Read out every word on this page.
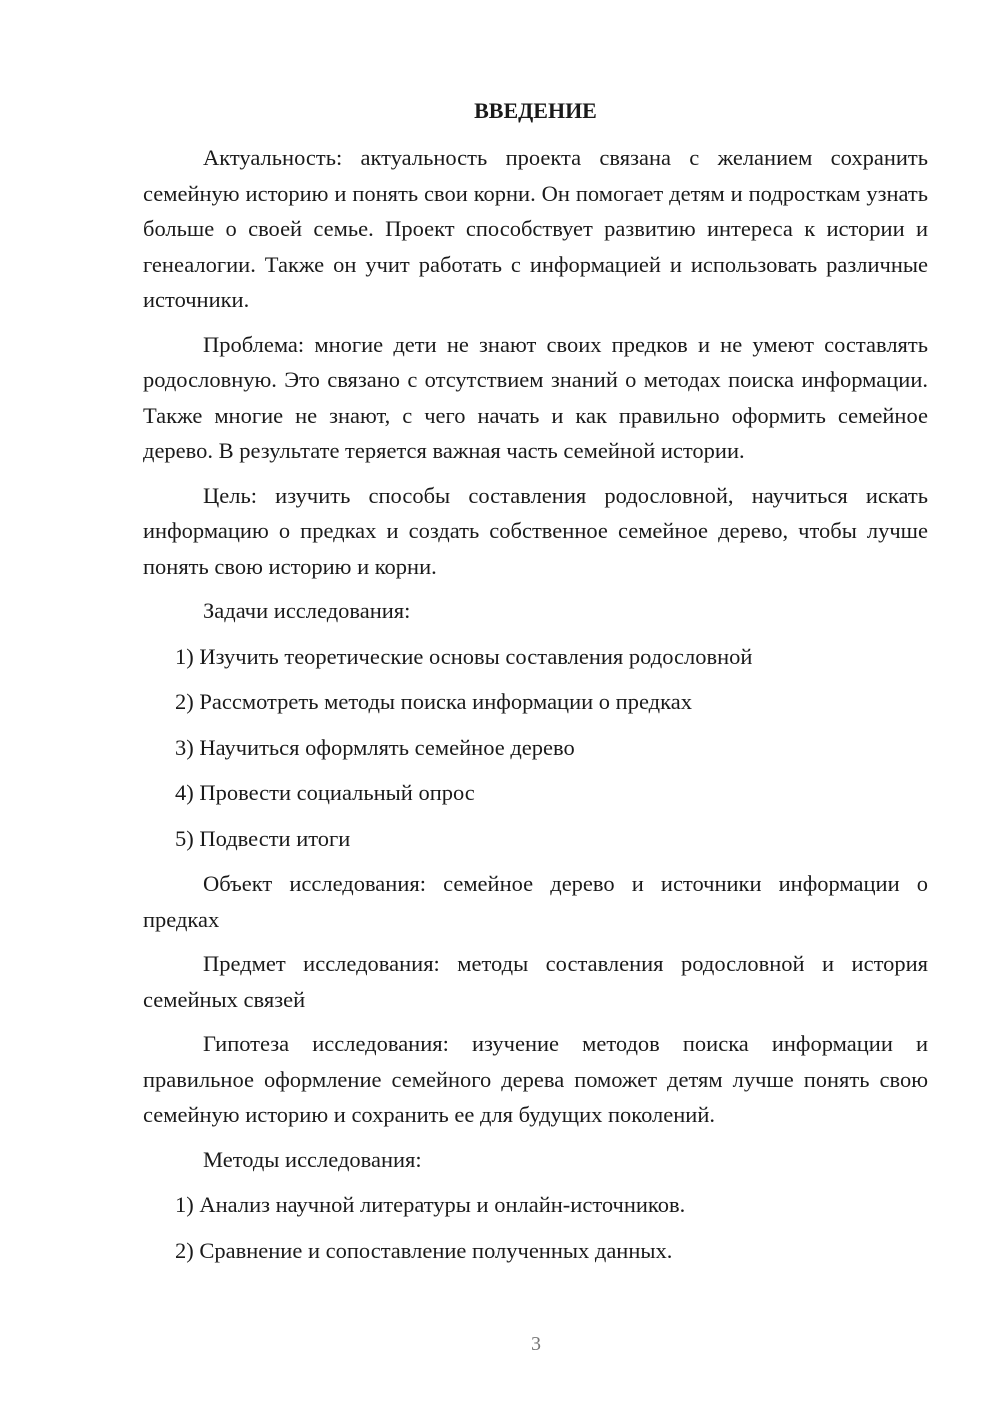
ВВЕДЕНИЕ

Актуальность: актуальность проекта связана с желанием сохранить семейную историю и понять свои корни. Он помогает детям и подросткам узнать больше о своей семье. Проект способствует развитию интереса к истории и генеалогии. Также он учит работать с информацией и использовать различные источники.

Проблема: многие дети не знают своих предков и не умеют составлять родословную. Это связано с отсутствием знаний о методах поиска информации. Также многие не знают, с чего начать и как правильно оформить семейное дерево. В результате теряется важная часть семейной истории.

Цель: изучить способы составления родословной, научиться искать информацию о предках и создать собственное семейное дерево, чтобы лучше понять свою историю и корни.

Задачи исследования:

1) Изучить теоретические основы составления родословной

2) Рассмотреть методы поиска информации о предках

3) Научиться оформлять семейное дерево

4) Провести социальный опрос

5) Подвести итоги

Объект исследования: семейное дерево и источники информации о предках

Предмет исследования: методы составления родословной и история семейных связей

Гипотеза исследования: изучение методов поиска информации и правильное оформление семейного дерева поможет детям лучше понять свою семейную историю и сохранить ее для будущих поколений.

Методы исследования:

1) Анализ научной литературы и онлайн-источников.

2) Сравнение и сопоставление полученных данных.

3
